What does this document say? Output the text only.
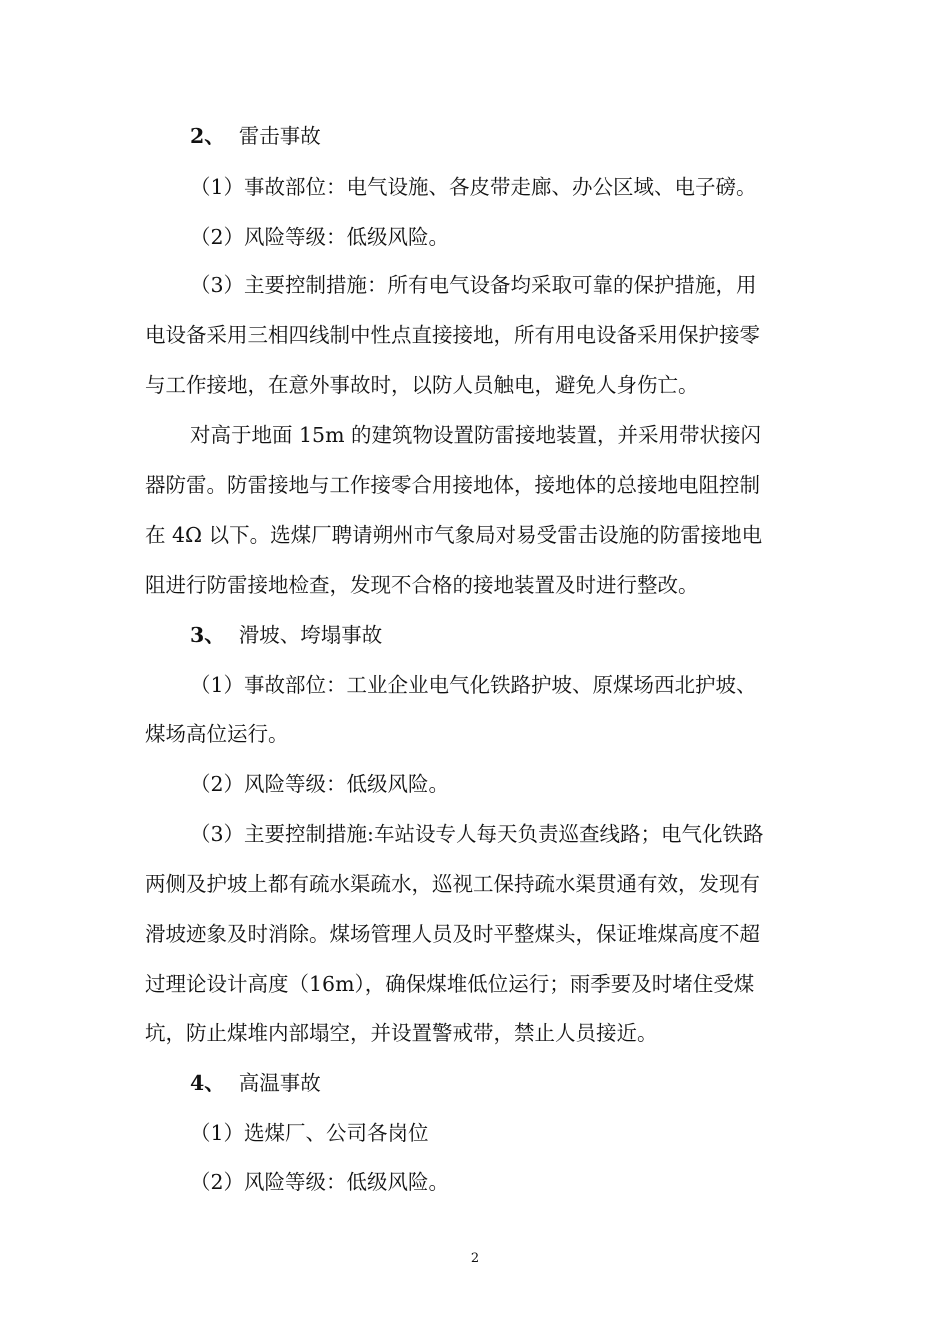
2、 雷击事故
（1）事故部位：电气设施、各皮带走廊、办公区域、电子磅。
（2）风险等级：低级风险。
（3）主要控制措施：所有电气设备均采取可靠的保护措施，用
电设备采用三相四线制中性点直接接地，所有用电设备采用保护接零
与工作接地，在意外事故时，以防人员触电，避免人身伤亡。
对高于地面 15m 的建筑物设置防雷接地装置，并采用带状接闪
器防雷。防雷接地与工作接零合用接地体，接地体的总接地电阻控制
在 4Ω 以下。选煤厂聘请朔州市气象局对易受雷击设施的防雷接地电
阻进行防雷接地检查，发现不合格的接地装置及时进行整改。
3、 滑坡、垮塌事故
（1）事故部位：工业企业电气化铁路护坡、原煤场西北护坡、
煤场高位运行。
（2）风险等级：低级风险。
（3）主要控制措施:车站设专人每天负责巡查线路；电气化铁路
两侧及护坡上都有疏水渠疏水，巡视工保持疏水渠贯通有效，发现有
滑坡迹象及时消除。煤场管理人员及时平整煤头，保证堆煤高度不超
过理论设计高度（16m），确保煤堆低位运行；雨季要及时堵住受煤
坑，防止煤堆内部塌空，并设置警戒带，禁止人员接近。
4、 高温事故
（1）选煤厂、公司各岗位
（2）风险等级：低级风险。
2
